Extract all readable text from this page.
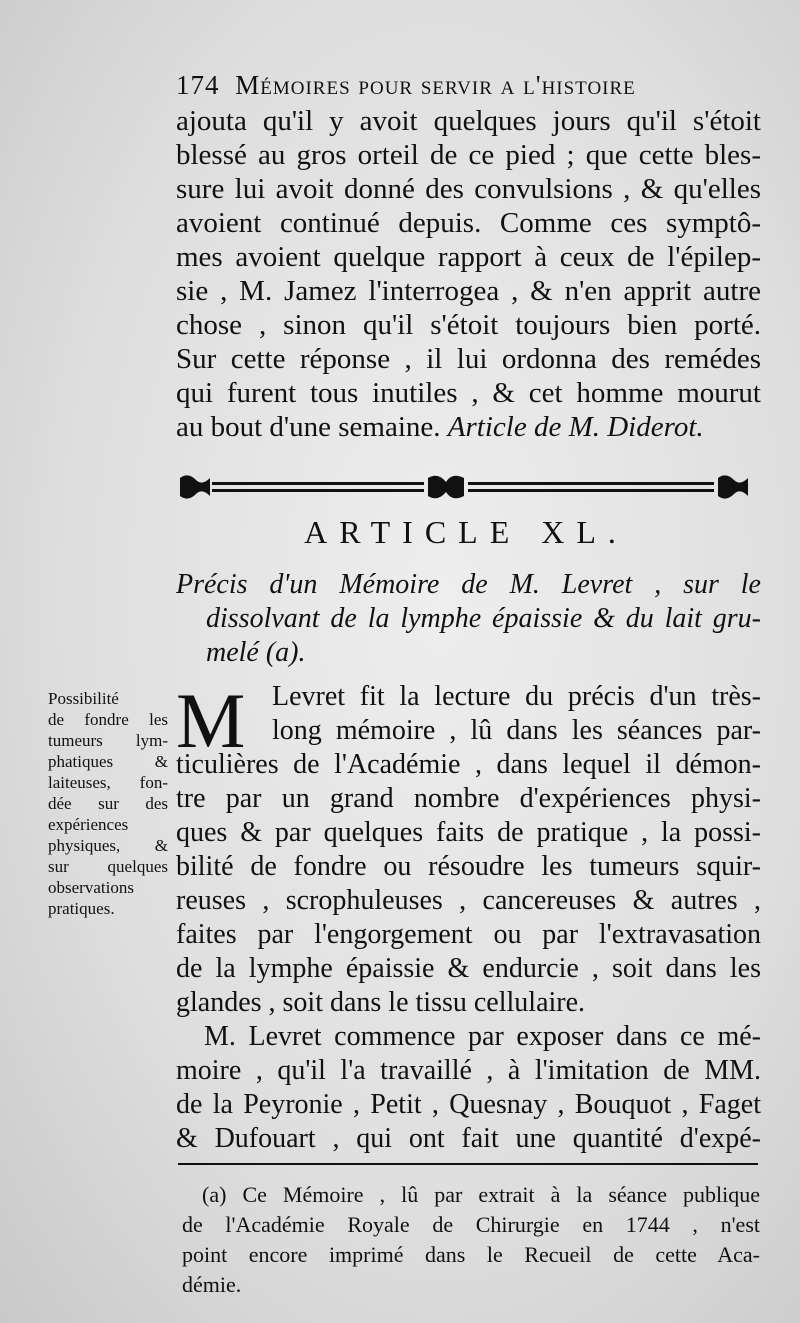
174 Mémoires pour servir a l'histoire
ajouta qu'il y avoit quelques jours qu'il s'étoit
blessé au gros orteil de ce pied ; que cette bles-
sure lui avoit donné des convulsions , & qu'elles
avoient continué depuis. Comme ces symptô-
mes avoient quelque rapport à ceux de l'épilep-
sie , M. Jamez l'interrogea , & n'en apprit autre
chose , sinon qu'il s'étoit toujours bien porté.
Sur cette réponse , il lui ordonna des remédes
qui furent tous inutiles , & cet homme mourut
au bout d'une semaine. Article de M. Diderot.
ARTICLE XL.
Précis d'un Mémoire de M. Levret , sur le
dissolvant de la lymphe épaissie & du lait gru-
melé (a).
M Levret fit la lecture du précis d'un très-
long mémoire , lû dans les séances par-
ticulières de l'Académie , dans lequel il démon-
tre par un grand nombre d'expériences physi-
ques & par quelques faits de pratique , la possi-
bilité de fondre ou résoudre les tumeurs squir-
reuses , scrophuleuses , cancereuses & autres ,
faites par l'engorgement ou par l'extravasation
de la lymphe épaissie & endurcie , soit dans les
glandes , soit dans le tissu cellulaire.
M. Levret commence par exposer dans ce mé-
moire , qu'il l'a travaillé , à l'imitation de MM.
de la Peyronie , Petit , Quesnay , Bouquot , Faget
& Dufouart , qui ont fait une quantité d'expé-
Possibilité
de fondre les
tumeurs lym-
phatiques &
laiteuses, fon-
dée sur des
expériences
physiques, &
sur quelques
observations
pratiques.
(a) Ce Mémoire , lû par extrait à la séance publique
de l'Académie Royale de Chirurgie en 1744 , n'est
point encore imprimé dans le Recueil de cette Aca-
démie.
